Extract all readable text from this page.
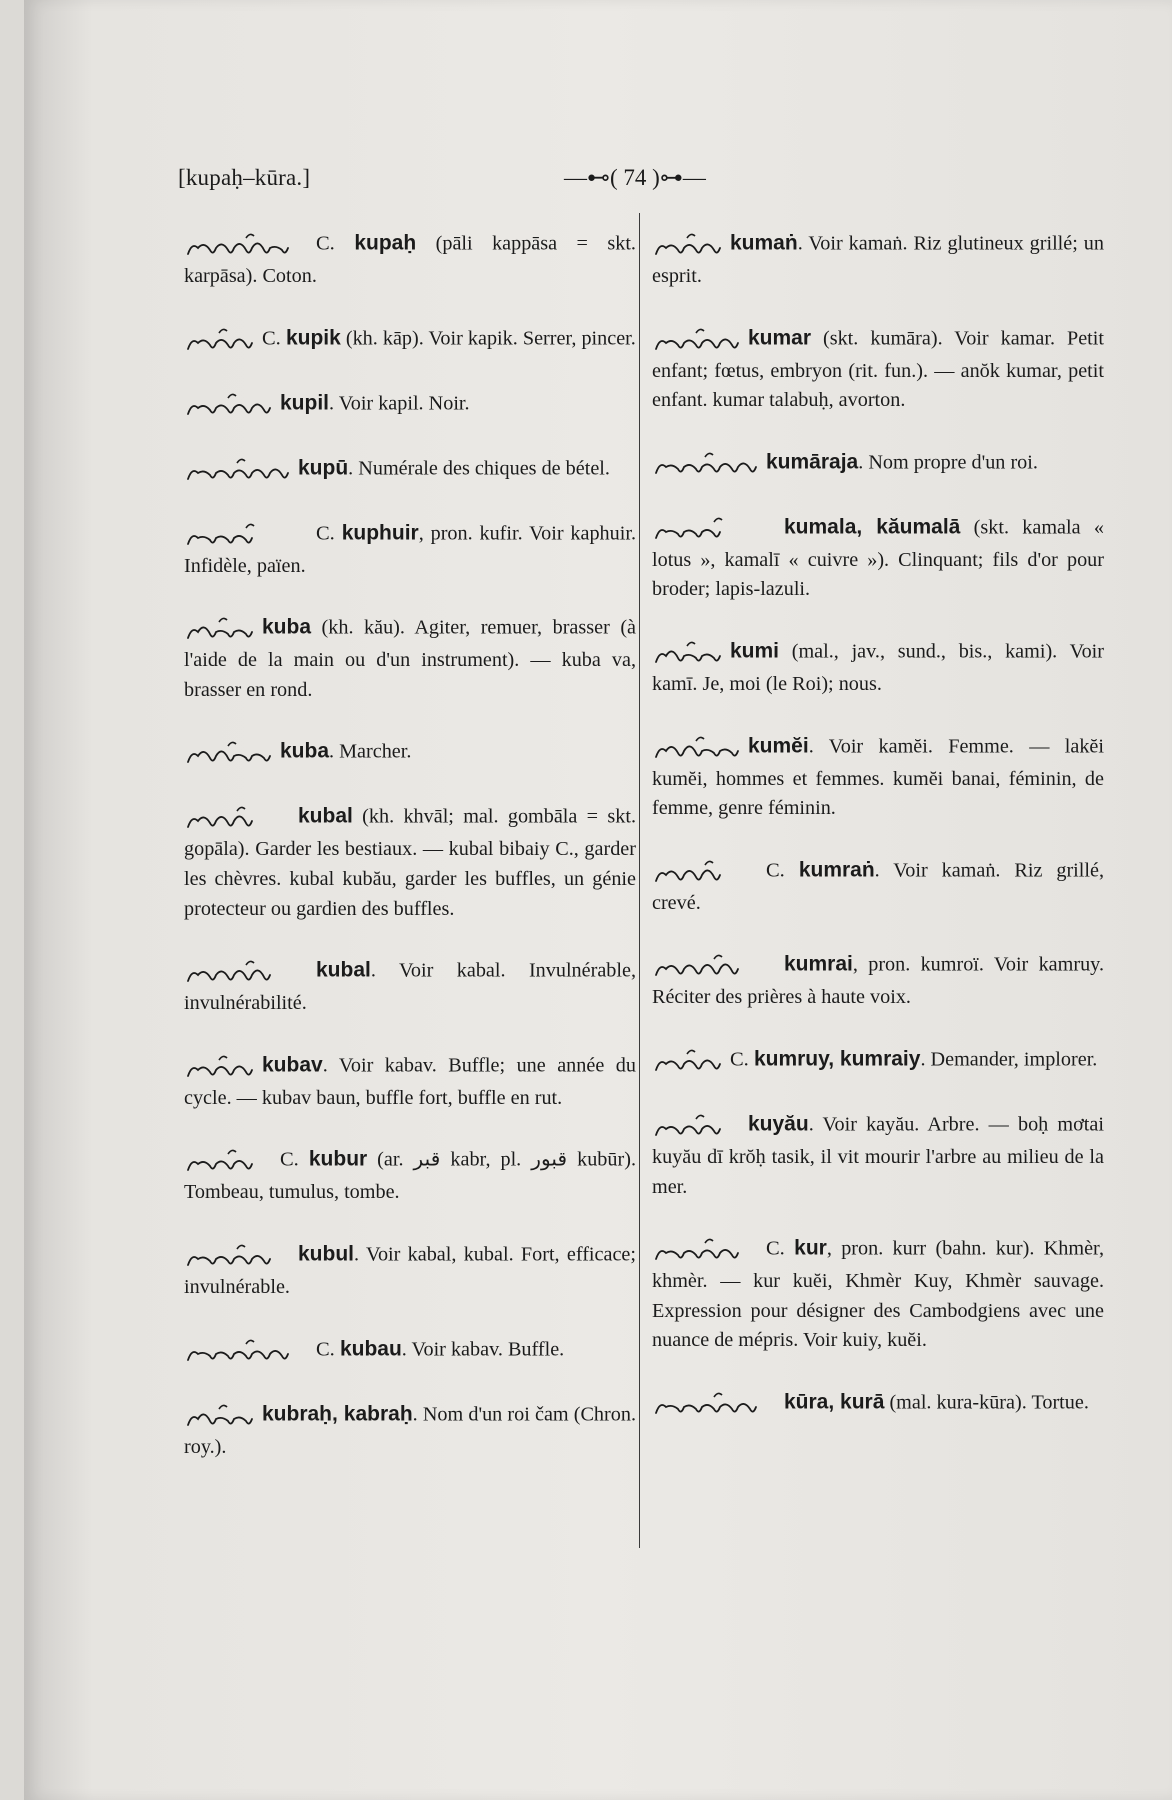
[kupaḥ–kūra.]	—⊷( 74 )⊶—
C. kupaḥ (pāli kappāsa = skt. karpāsa). Coton.
C. kupik (kh. kāp). Voir kapik. Serrer, pincer.
kupil. Voir kapil. Noir.
kupū. Numérale des chiques de bétel.
C. kuphuir, pron. kufir. Voir kaphuir. Infidèle, païen.
kuba (kh. kău). Agiter, remuer, brasser (à l'aide de la main ou d'un instrument). — kuba va, brasser en rond.
kuba. Marcher.
kubal (kh. khvāl; mal. gombāla = skt. gopāla). Garder les bestiaux. — kubal bibaiy C., garder les chèvres. kubal kubău, garder les buffles, un génie protecteur ou gardien des buffles.
kubal. Voir kabal. Invulnérable, invulnérabilité.
kubav. Voir kabav. Buffle; une année du cycle. — kubav baun, buffle fort, buffle en rut.
C. kubur (ar. قبر kabr, pl. قبور kubūr). Tombeau, tumulus, tombe.
kubul. Voir kabal, kubal. Fort, efficace; invulnérable.
C. kubau. Voir kabav. Buffle.
kubraḥ, kabraḥ. Nom d'un roi čam (Chron. roy.).
kumaṅ. Voir kamaṅ. Riz glutineux grillé; un esprit.
kumar (skt. kumāra). Voir kamar. Petit enfant; fœtus, embryon (rit. fun.). — anŏk kumar, petit enfant. kumar talabuḥ, avorton.
kumāraja. Nom propre d'un roi.
kumala, kăumalā (skt. kamala « lotus », kamalī « cuivre »). Clinquant; fils d'or pour broder; lapis-lazuli.
kumi (mal., jav., sund., bis., kami). Voir kamī. Je, moi (le Roi); nous.
kumĕi. Voir kamĕi. Femme. — lakĕi kumĕi, hommes et femmes. kumĕi banai, féminin, de femme, genre féminin.
C. kumraṅ. Voir kamaṅ. Riz grillé, crevé.
kumrai, pron. kumroï. Voir kamruy. Réciter des prières à haute voix.
C. kumruy, kumraiy. Demander, implorer.
kuyău. Voir kayău. Arbre. — boḥ mơtai kuyău dī krŏḥ tasik, il vit mourir l'arbre au milieu de la mer.
C. kur, pron. kurr (bahn. kur). Khmèr, khmèr. — kur kuĕi, Khmèr Kuy, Khmèr sauvage. Expression pour désigner des Cambodgiens avec une nuance de mépris. Voir kuiy, kuĕi.
kūra, kurā (mal. kura-kūra). Tortue.
